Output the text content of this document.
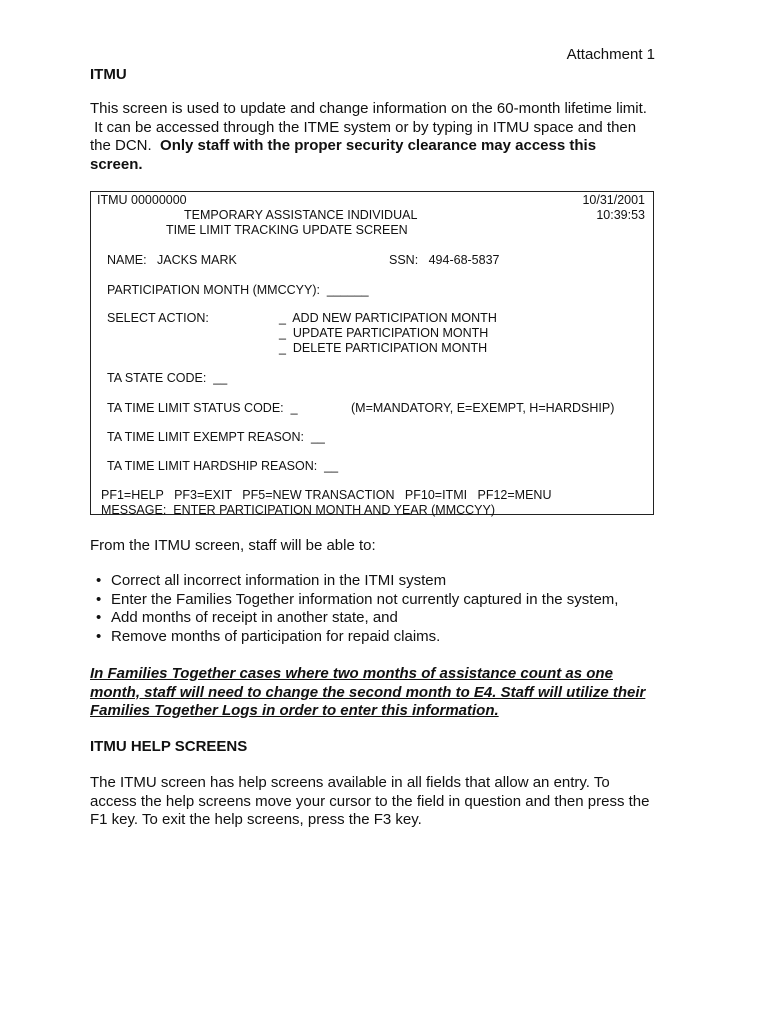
Attachment 1
ITMU
This screen is used to update and change information on the 60-month lifetime limit.
It can be accessed through the ITME system or by typing in ITMU space and then
the DCN.  Only staff with the proper security clearance may access this
screen.
ITMU 00000000	10/31/2001
10:39:53
TEMPORARY ASSISTANCE INDIVIDUAL
TIME LIMIT TRACKING UPDATE SCREEN
NAME:   JACKS MARK	SSN:   494-68-5837
PARTICIPATION MONTH (MMCCYY):  ______
SELECT ACTION:	_  ADD NEW PARTICIPATION MONTH
_  UPDATE PARTICIPATION MONTH
_  DELETE PARTICIPATION MONTH
TA STATE CODE:  __
TA TIME LIMIT STATUS CODE:  _	(M=MANDATORY, E=EXEMPT, H=HARDSHIP)
TA TIME LIMIT EXEMPT REASON:  __
TA TIME LIMIT HARDSHIP REASON:  __
PF1=HELP   PF3=EXIT   PF5=NEW TRANSACTION   PF10=ITMI   PF12=MENU
MESSAGE:  ENTER PARTICIPATION MONTH AND YEAR (MMCCYY)
From the ITMU screen, staff will be able to:
• Correct all incorrect information in the ITMI system
• Enter the Families Together information not currently captured in the system,
• Add months of receipt in another state, and
• Remove months of participation for repaid claims.
In Families Together cases where two months of assistance count as one
month, staff will need to change the second month to E4. Staff will utilize their
Families Together Logs in order to enter this information.
ITMU HELP SCREENS
The ITMU screen has help screens available in all fields that allow an entry. To
access the help screens move your cursor to the field in question and then press the
F1 key. To exit the help screens, press the F3 key.
